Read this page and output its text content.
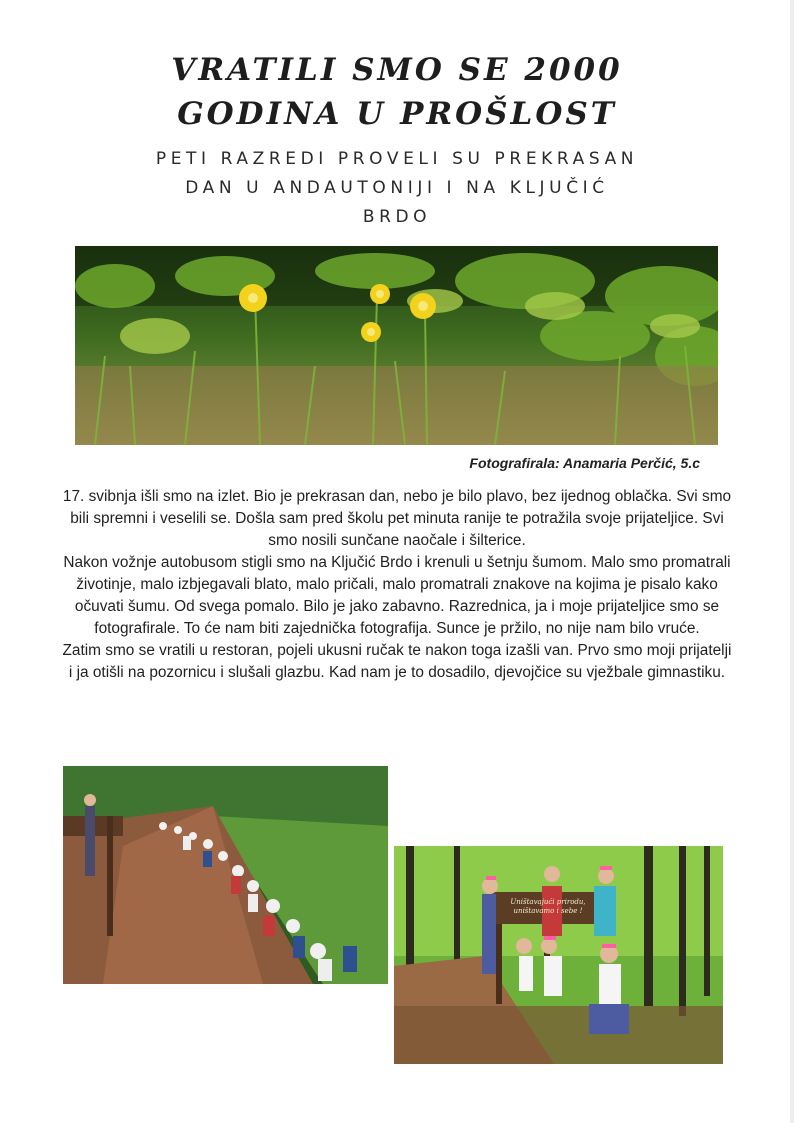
VRATILI SMO SE 2000
GODINA U PROŠLOST
PETI RAZREDI PROVELI SU PREKRASAN
DAN U ANDAUTONIJI I NA KLJUČIĆ
BRDO
Fotografirala: Anamaria Perčić, 5.c

17. svibnja išli smo na izlet. Bio je prekrasan dan, nebo je bilo plavo, bez ijednog oblačka. Svi smo bili spremni i veselili se. Došla sam pred školu pet minuta ranije te potražila svoje prijateljice. Svi smo nosili sunčane naočale i šilterice.

Nakon vožnje autobusom stigli smo na Ključić Brdo i krenuli u šetnju šumom. Malo smo promatrali životinje, malo izbjegavali blato, malo pričali, malo promatrali znakove na kojima je pisalo kako očuvati šumu. Od svega pomalo. Bilo je jako zabavno. Razrednica, ja i moje prijateljice smo se fotografirale. To će nam biti zajednička fotografija. Sunce je pržilo, no nije nam bilo vruće.

Zatim smo se vratili u restoran, pojeli ukusni ručak te nakon toga izašli van. Prvo smo moji prijatelji i ja otišli na pozornicu i slušali glazbu. Kad nam je to dosadilo, djevojčice su vježbale gimnastiku.

Uništavajući prirodu,
uništavamo i sebe !
